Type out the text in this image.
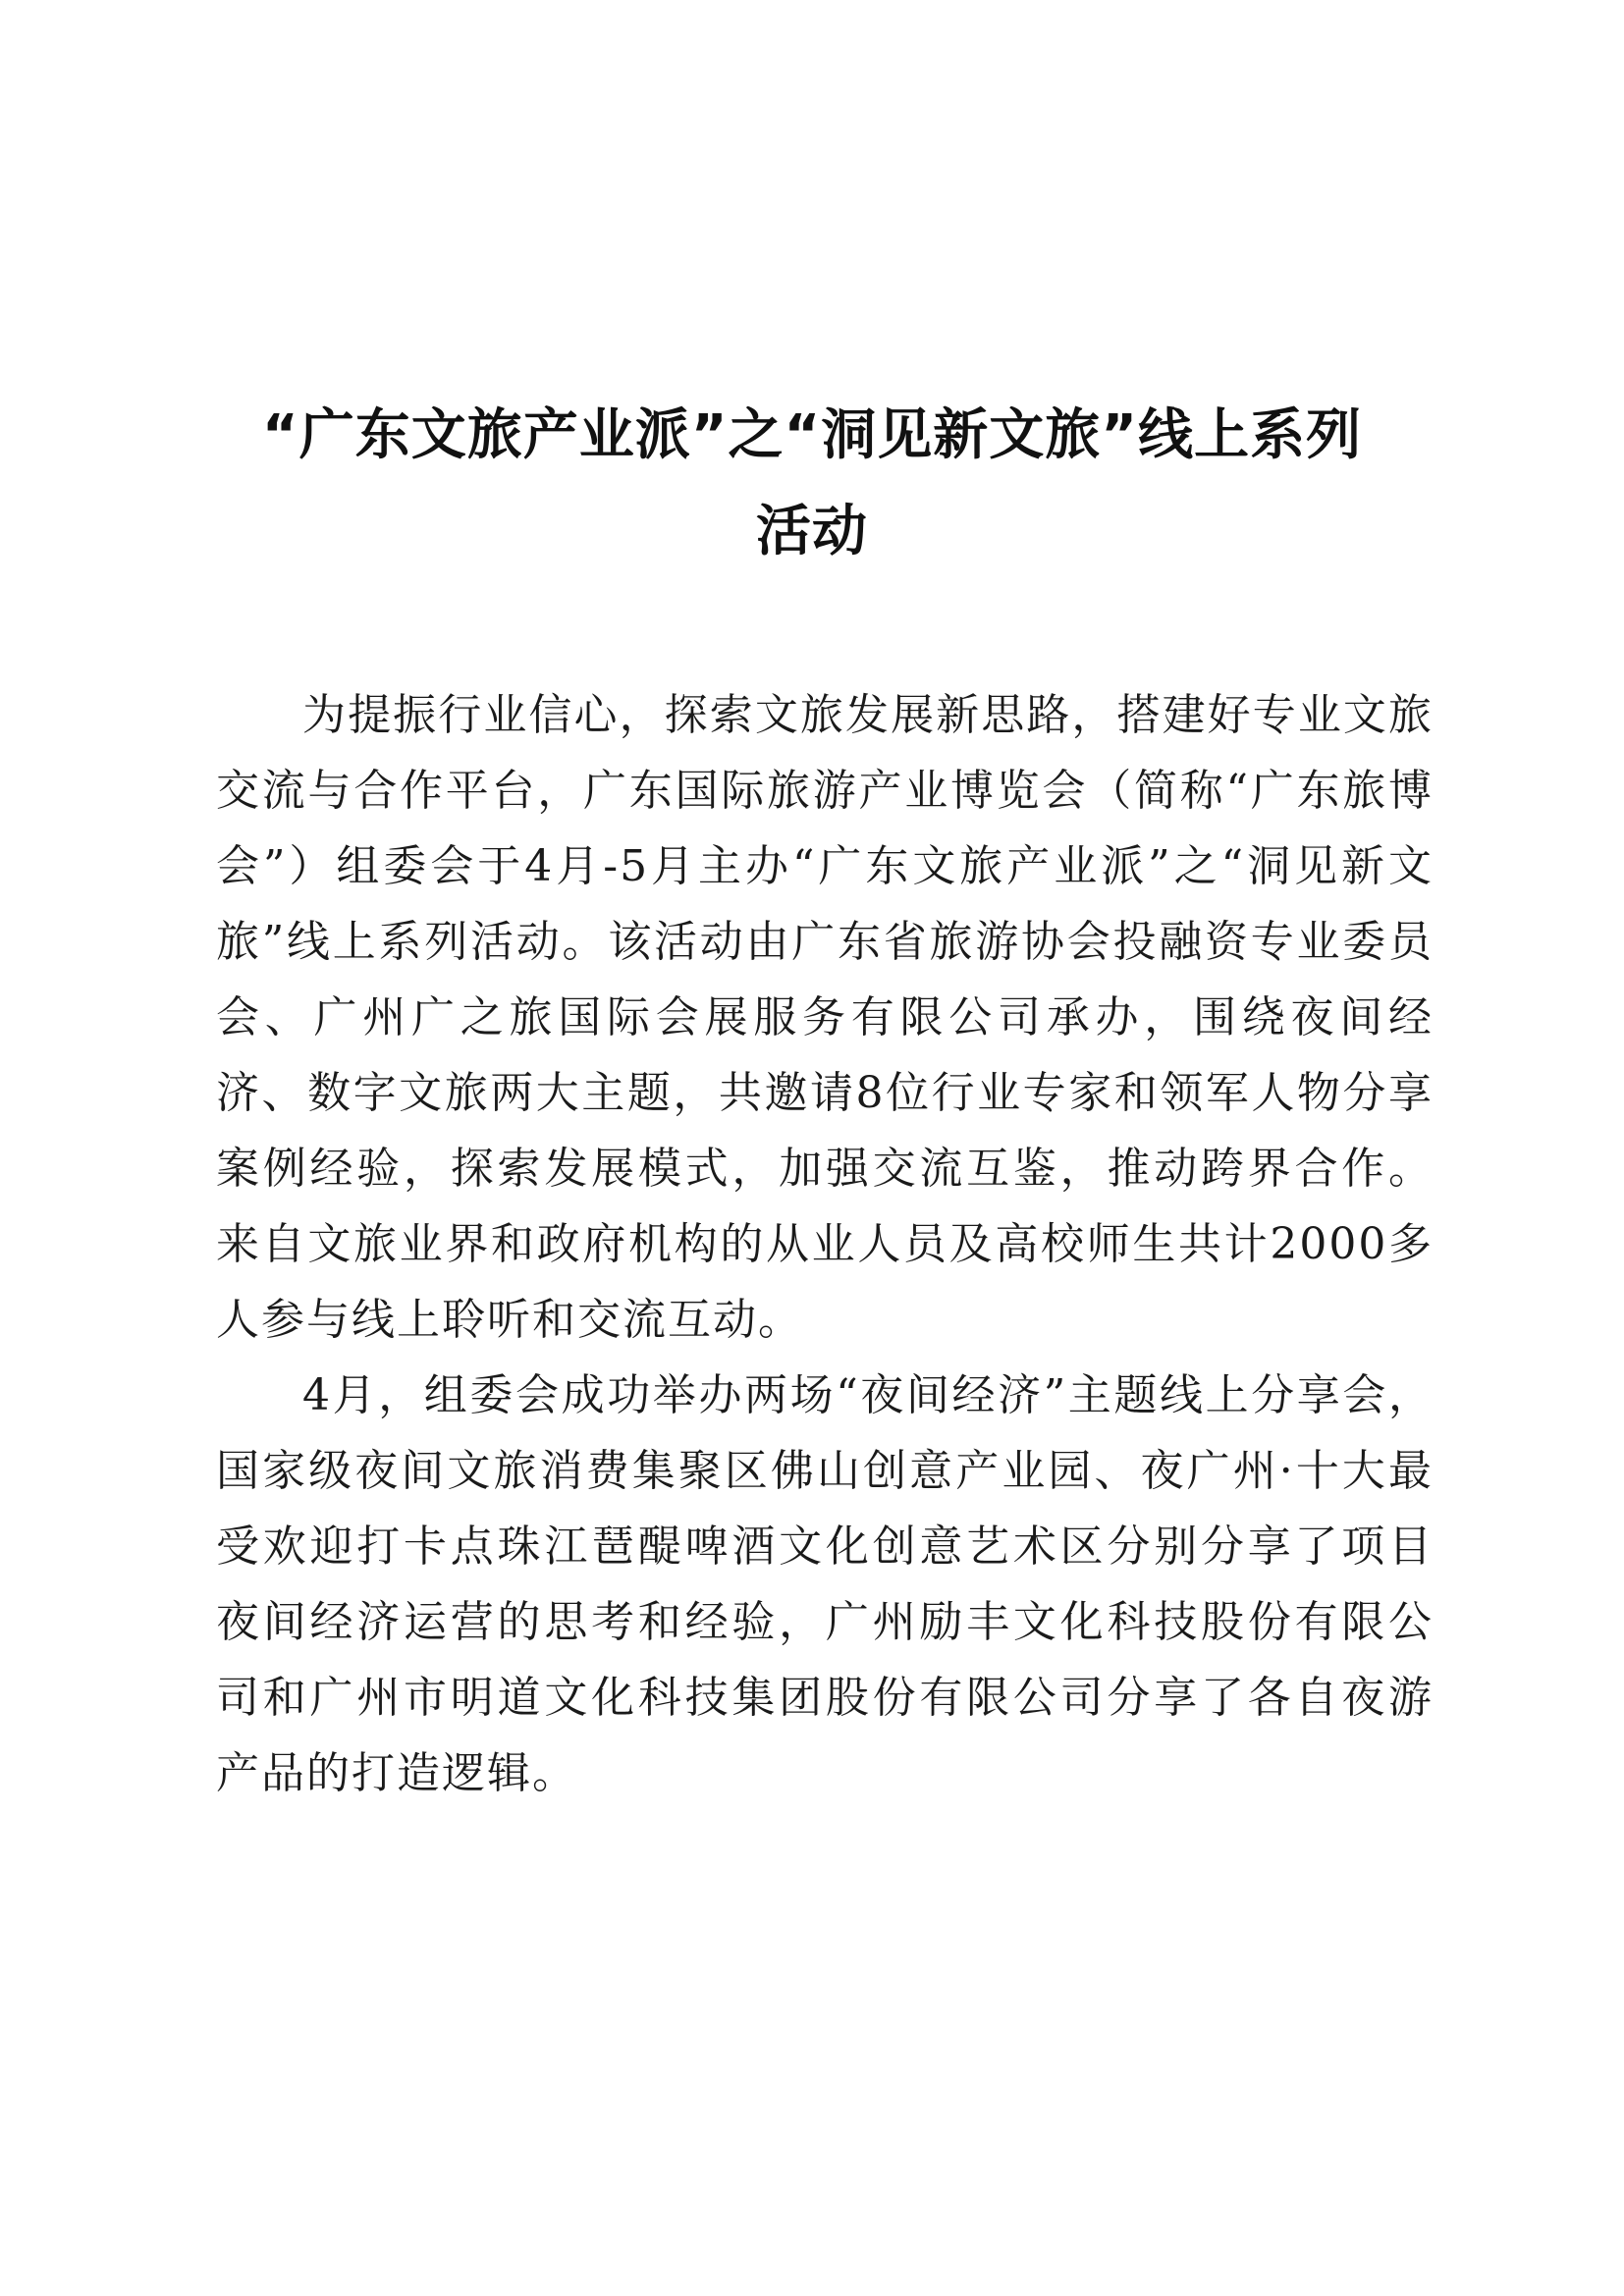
“广东文旅产业派”之“洞见新文旅”线上系列
活动

为提振行业信心，探索文旅发展新思路，搭建好专业文旅交流与合作平台，广东国际旅游产业博览会（简称“广东旅博会”）组委会于4月-5月主办“广东文旅产业派”之“洞见新文旅”线上系列活动。该活动由广东省旅游协会投融资专业委员会、广州广之旅国际会展服务有限公司承办，围绕夜间经济、数字文旅两大主题，共邀请8位行业专家和领军人物分享案例经验，探索发展模式，加强交流互鉴，推动跨界合作。来自文旅业界和政府机构的从业人员及高校师生共计2000多人参与线上聆听和交流互动。

4月，组委会成功举办两场“夜间经济”主题线上分享会，国家级夜间文旅消费集聚区佛山创意产业园、夜广州·十大最受欢迎打卡点珠江琶醍啤酒文化创意艺术区分别分享了项目夜间经济运营的思考和经验，广州励丰文化科技股份有限公司和广州市明道文化科技集团股份有限公司分享了各自夜游产品的打造逻辑。
